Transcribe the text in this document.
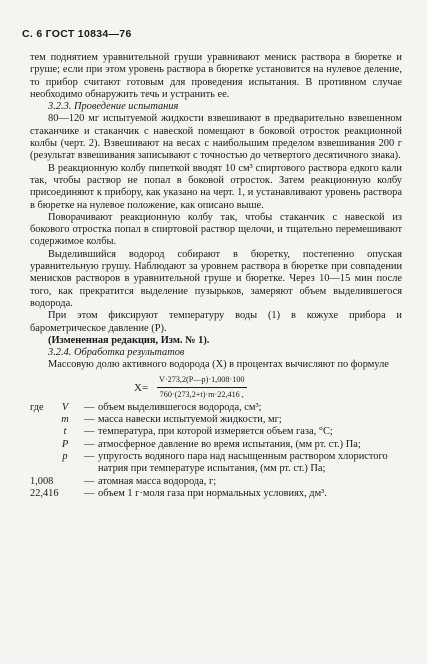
С. 6 ГОСТ 10834—76

тем поднятием уравнительной груши уравнивают мениск раствора в бюретке и груше; если при этом уровень раствора в бюретке установится на нулевое деление, то прибор считают готовым для проведения испытания. В противном случае необходимо обнаружить течь и устранить ее.

3.2.3. Проведение испытания

80—120 мг испытуемой жидкости взвешивают в предварительно взвешенном стаканчике и стаканчик с навеской помещают в боковой отросток реакционной колбы (черт. 2). Взвешивают на весах с наибольшим пределом взвешивания 200 г (результат взвешивания записывают с точностью до четвертого десятичного знака).

В реакционную колбу пипеткой вводят 10 см³ спиртового раствора едкого кали так, чтобы раствор не попал в боковой отросток. Затем реакционную колбу присоединяют к прибору, как указано на черт. 1, и устанавливают уровень раствора в бюретке на нулевое положение, как описано выше.

Поворачивают реакционную колбу так, чтобы стаканчик с навеской из бокового отростка попал в спиртовой раствор щелочи, и тщательно перемешивают содержимое колбы.

Выделившийся водород собирают в бюретку, постепенно опуская уравнительную грушу. Наблюдают за уровнем раствора в бюретке при совпадении менисков растворов в уравнительной груше и бюретке. Через 10—15 мин после того, как прекратится выделение пузырьков, замеряют объем выделившегося водорода.

При этом фиксируют температуру воды (1) в кожухе прибора и барометрическое давление (P).

(Измененная редакция, Изм. № 1).

3.2.4. Обработка результатов

Массовую долю активного водорода (X) в процентах вычисляют по формуле

$X= \frac{V\cdot 273,2(P—p)\cdot 1,008\cdot 100}{760\cdot(273,2+t)\cdot m\cdot 22,416 ,}$
где	V	— объем выделившегося водорода, см³;
m	— масса навески испытуемой жидкости, мг;
t	— температура, при которой измеряется объем газа, °С;
P	— атмосферное давление во время испытания, (мм рт. ст.) Па;
p	— упругость водяного пара над насыщенным раствором хлористого натрия при температуре испытания, (мм рт. ст.) Па;
1,008	— атомная масса водорода, г;
22,416	— объем 1 г·моля газа при нормальных условиях, дм³.
